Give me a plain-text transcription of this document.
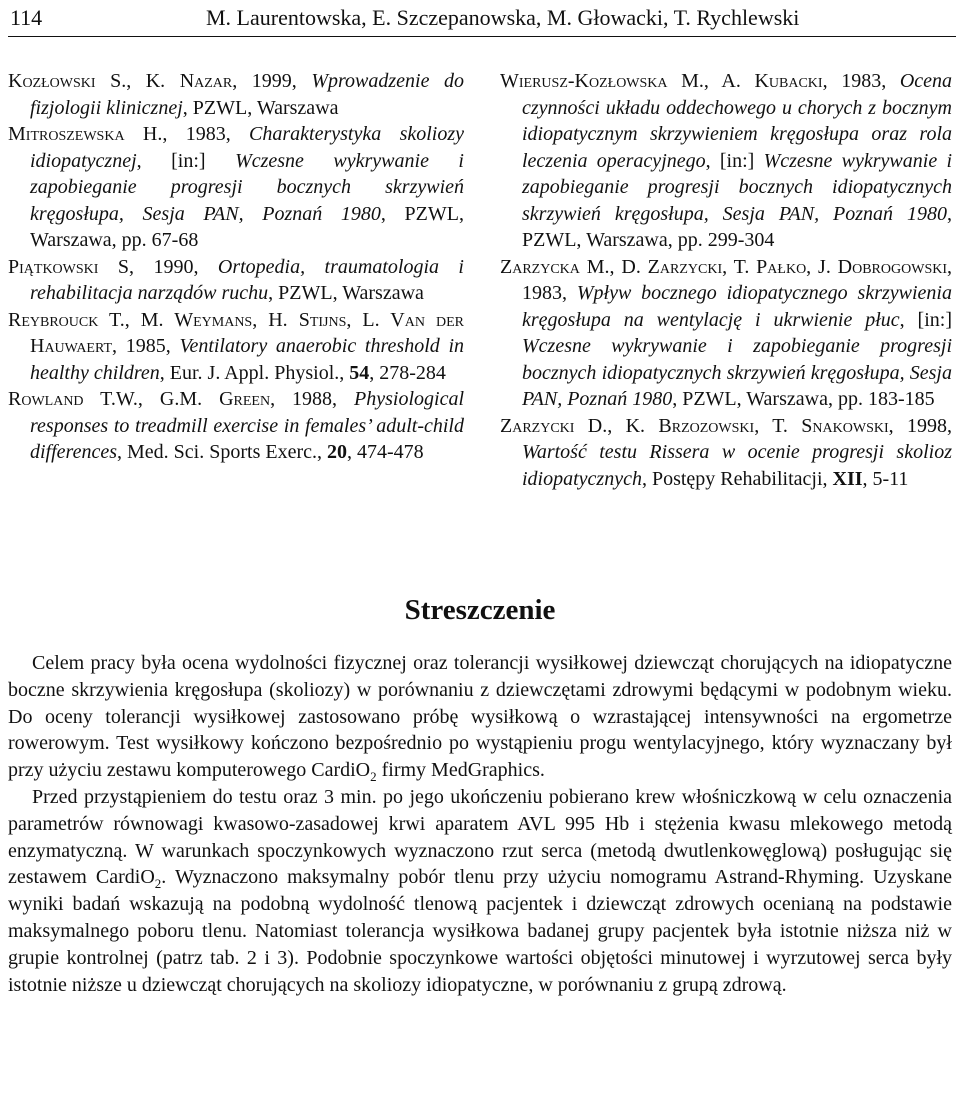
114	M. Laurentowska, E. Szczepanowska, M. Głowacki, T. Rychlewski

Kozłowski S., K. Nazar, 1999, Wprowadzenie do fizjologii klinicznej, PZWL, Warszawa

Mitroszewska H., 1983, Charakterystyka skoliozy idiopatycznej, [in:] Wczesne wykrywanie i zapobieganie progresji bocznych skrzywień kręgosłupa, Sesja PAN, Poznań 1980, PZWL, Warszawa, pp. 67-68

Piątkowski S, 1990, Ortopedia, traumatologia i rehabilitacja narządów ruchu, PZWL, Warszawa

Reybrouck T., M. Weymans, H. Stijns, L. Van der Hauwaert, 1985, Ventilatory anaerobic threshold in healthy children, Eur. J. Appl. Physiol., 54, 278-284

Rowland T.W., G.M. Green, 1988, Physiological responses to treadmill exercise in females’ adult-child differences, Med. Sci. Sports Exerc., 20, 474-478

Wierusz-Kozłowska M., A. Kubacki, 1983, Ocena czynności układu oddechowego u chorych z bocznym idiopatycznym skrzywieniem kręgosłupa oraz rola leczenia operacyjnego, [in:] Wczesne wykrywanie i zapobieganie progresji bocznych idiopatycznych skrzywień kręgosłupa, Sesja PAN, Poznań 1980, PZWL, Warszawa, pp. 299-304

Zarzycka M., D. Zarzycki, T. Pałko, J. Dobrogowski, 1983, Wpływ bocznego idiopatycznego skrzywienia kręgosłupa na wentylację i ukrwienie płuc, [in:] Wczesne wykrywanie i zapobieganie progresji bocznych idiopatycznych skrzywień kręgosłupa, Sesja PAN, Poznań 1980, PZWL, Warszawa, pp. 183-185

Zarzycki D., K. Brzozowski, T. Snakowski, 1998, Wartość testu Rissera w ocenie progresji skolioz idiopatycznych, Postępy Rehabilitacji, XII, 5-11

Streszczenie

Celem pracy była ocena wydolności fizycznej oraz tolerancji wysiłkowej dziewcząt chorujących na idiopatyczne boczne skrzywienia kręgosłupa (skoliozy) w porównaniu z dziewczętami zdrowymi będącymi w podobnym wieku. Do oceny tolerancji wysiłkowej zastosowano próbę wysiłkową o wzrastającej intensywności na ergometrze rowerowym. Test wysiłkowy kończono bezpośrednio po wystąpieniu progu wentylacyjnego, który wyznaczany był przy użyciu zestawu komputerowego CardiO$_2$ firmy MedGraphics.

Przed przystąpieniem do testu oraz 3 min. po jego ukończeniu pobierano krew włośniczkową w celu oznaczenia parametrów równowagi kwasowo-zasadowej krwi aparatem AVL 995 Hb i stężenia kwasu mlekowego metodą enzymatyczną. W warunkach spoczynkowych wyznaczono rzut serca (metodą dwutlenkowęglową) posługując się zestawem CardiO$_2$. Wyznaczono maksymalny pobór tlenu przy użyciu nomogramu Astrand-Rhyming. Uzyskane wyniki badań wskazują na podobną wydolność tlenową pacjentek i dziewcząt zdrowych ocenianą na podstawie maksymalnego poboru tlenu. Natomiast tolerancja wysiłkowa badanej grupy pacjentek była istotnie niższa niż w grupie kontrolnej (patrz tab. 2 i 3). Podobnie spoczynkowe wartości objętości minutowej i wyrzutowej serca były istotnie niższe u dziewcząt chorujących na skoliozy idiopatyczne, w porównaniu z grupą zdrową.
